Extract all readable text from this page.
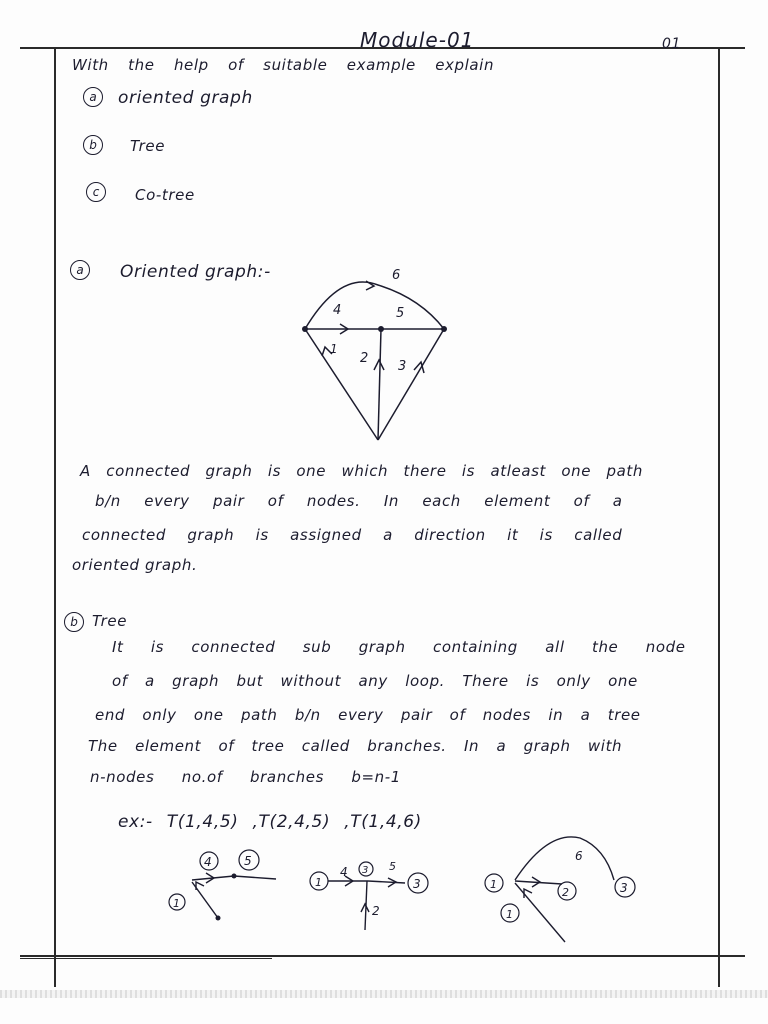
Module-01	01
With the help of suitable example explain
a	oriented graph
b	Tree
c	Co-tree
a	Oriented graph:-	6
4	5
1
2
3
A connected graph is one which there is atleast one path
b/n every pair of nodes. In each element of a
connected graph is assigned a direction it is called
oriented graph.
b Tree
It is connected sub graph containing all the node
of a graph but without any loop. There is only one
end only one path b/n every pair of nodes in a tree
The element of tree called branches. In a graph with
n-nodes no.of branches b=n-1
ex:- T(1,4,5) ,T(2,4,5) ,T(1,4,6)
1
4	5
1
4 3 5
2
3	1
2	3
6
1
